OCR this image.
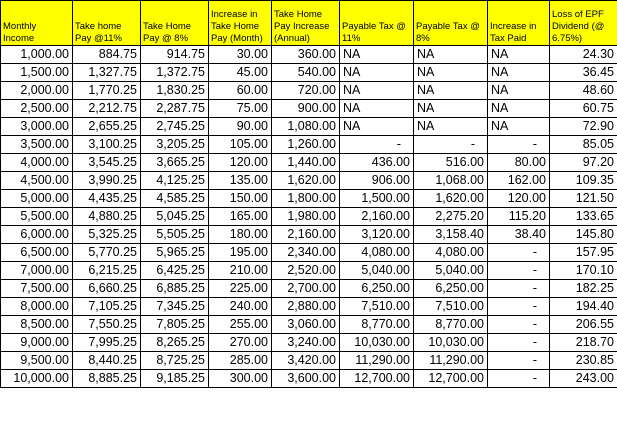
Monthly Income	Take home Pay @11%	Take Home Pay @ 8%	Increase in Take Home Pay (Month)	Take Home Pay Increase (Annual)	Payable Tax @ 11%	Payable Tax @ 8%	Increase in Tax Paid	Loss of EPF Dividend (@ 6.75%)
1,000.00	884.75	914.75	30.00	360.00	NA	NA	NA	24.30
1,500.00	1,327.75	1,372.75	45.00	540.00	NA	NA	NA	36.45
2,000.00	1,770.25	1,830.25	60.00	720.00	NA	NA	NA	48.60
2,500.00	2,212.75	2,287.75	75.00	900.00	NA	NA	NA	60.75
3,000.00	2,655.25	2,745.25	90.00	1,080.00	NA	NA	NA	72.90
3,500.00	3,100.25	3,205.25	105.00	1,260.00	-	-	-	85.05
4,000.00	3,545.25	3,665.25	120.00	1,440.00	436.00	516.00	80.00	97.20
4,500.00	3,990.25	4,125.25	135.00	1,620.00	906.00	1,068.00	162.00	109.35
5,000.00	4,435.25	4,585.25	150.00	1,800.00	1,500.00	1,620.00	120.00	121.50
5,500.00	4,880.25	5,045.25	165.00	1,980.00	2,160.00	2,275.20	115.20	133.65
6,000.00	5,325.25	5,505.25	180.00	2,160.00	3,120.00	3,158.40	38.40	145.80
6,500.00	5,770.25	5,965.25	195.00	2,340.00	4,080.00	4,080.00	-	157.95
7,000.00	6,215.25	6,425.25	210.00	2,520.00	5,040.00	5,040.00	-	170.10
7,500.00	6,660.25	6,885.25	225.00	2,700.00	6,250.00	6,250.00	-	182.25
8,000.00	7,105.25	7,345.25	240.00	2,880.00	7,510.00	7,510.00	-	194.40
8,500.00	7,550.25	7,805.25	255.00	3,060.00	8,770.00	8,770.00	-	206.55
9,000.00	7,995.25	8,265.25	270.00	3,240.00	10,030.00	10,030.00	-	218.70
9,500.00	8,440.25	8,725.25	285.00	3,420.00	11,290.00	11,290.00	-	230.85
10,000.00	8,885.25	9,185.25	300.00	3,600.00	12,700.00	12,700.00	-	243.00
